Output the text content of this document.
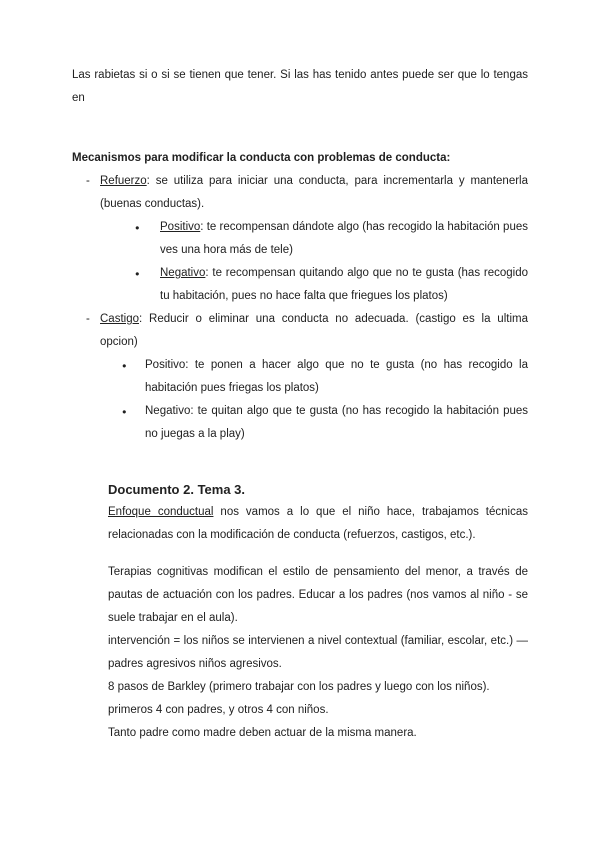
Las rabietas si o si se tienen que tener. Si las has tenido antes puede ser que lo tengas en

Mecanismos para modificar la conducta con problemas de conducta:

- Refuerzo: se utiliza para iniciar una conducta, para incrementarla y mantenerla (buenas conductas).
●	Positivo: te recompensan dándote algo (has recogido la habitación pues ves una hora más de tele)
●	Negativo: te recompensan quitando algo que no te gusta (has recogido tu habitación, pues no hace falta que friegues los platos)
- Castigo: Reducir o eliminar una conducta no adecuada. (castigo es la ultima opcion)
●	Positivo: te ponen a hacer algo que no te gusta (no has recogido la habitación pues friegas los platos)
●	Negativo: te quitan algo que te gusta (no has recogido la habitación pues no juegas a la play)

Documento 2. Tema 3.

Enfoque conductual nos vamos a lo que el niño hace, trabajamos técnicas relacionadas con la modificación de conducta (refuerzos, castigos, etc.).

Terapias cognitivas modifican el estilo de pensamiento del menor, a través de pautas de actuación con los padres. Educar a los padres (nos vamos al niño - se suele trabajar en el aula).

intervención = los niños se intervienen a nivel contextual (familiar, escolar, etc.) — padres agresivos niños agresivos.

8 pasos de Barkley (primero trabajar con los padres y luego con los niños).

primeros 4 con padres, y otros 4 con niños.

Tanto padre como madre deben actuar de la misma manera.
